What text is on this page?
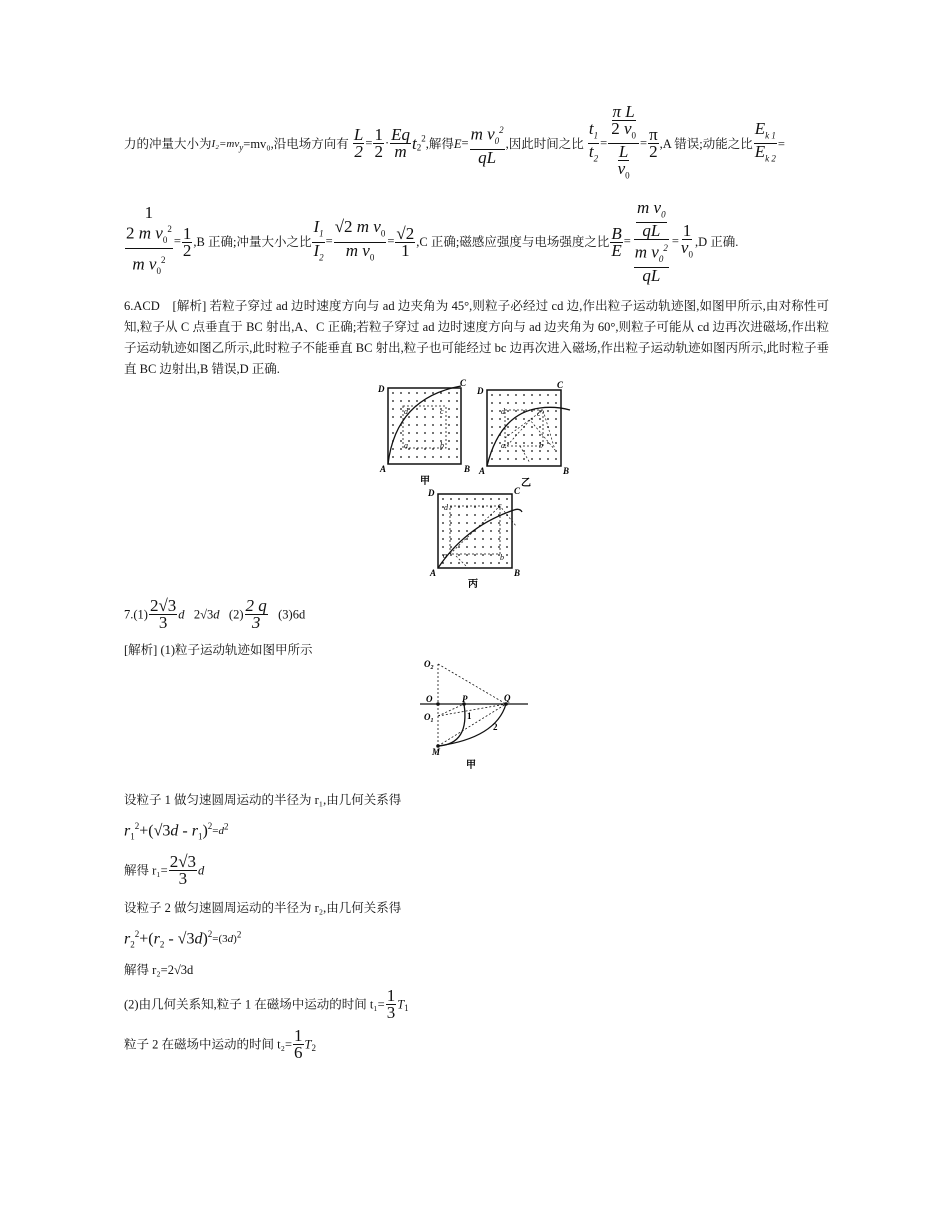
力的冲量大小为$I_2=mv_y=mv_0$,沿电场方向有 $\frac{L}{2} = \frac{1}{2} \cdot \frac{Eq}{m} t_2^2$,解得$E= \frac{m v_0^2}{qL}$ ,因此时间之比 $\frac{t_1}{t_2} = \frac{\frac{\text{π L}}{2 v_0}}{\frac{L}{v_0}} = \frac{\pi}{2} ,A$ 错误;动能之比 $\frac{E_{k 1}}{E_{k 2}}$ =
1
2 m $v_0^2$
m $v_0^2$
= $\frac{1}{2} ,B$ 正确;冲量大小之比 $\frac{I_1}{I_2} = \frac{√2 m v_0}{m v_0} = \frac{√2}{1} ,C$ 正确;磁感应强度与电场强度之比 $\frac{B}{E} = \frac{\frac{m v_0}{qL}}{\frac{m v_0^2}{qL}} = \frac{1}{v_0} ,D$ 正确.
6.ACD　[解析] 若粒子穿过 ad 边时速度方向与 ad 边夹角为 45°,则粒子必经过 cd 边,作出粒子运动轨迹图,如图甲所示,由对称性可知,粒子从 C 点垂直于 BC 射出,A、C 正确;若粒子穿过 ad 边时速度方向与 ad 边夹角为 60°,则粒子可能从 cd 边再次进磁场,作出粒子运动轨迹如图乙所示,此时粒子不能垂直 BC 射出,粒子也可能经过 bc 边再次进入磁场,作出粒子运动轨迹如图丙所示,此时粒子垂直 BC 边射出,B 错误,D 正确.
D
C
A	B
d	c
a	b
甲
D
C
A	B
d	c
a	b
乙
D	C
A	B
d	c
a	b
丙
$7.(1) \frac{2√3}{3}$ d 2√3d $(2) \frac{2 q}{3} (3)6d$
[解析] (1)粒子运动轨迹如图甲所示
$O_2$
O
$O_1$
P	Q
M
1
2
甲
设粒子 1 做匀速圆周运动的半径为 r₁,由几何关系得
$r_1^2+(√3d - r_1)^{2=d^2}$
解得 $r_1= \frac{2√3}{3}$ d
设粒子 2 做匀速圆周运动的半径为 r₂,由几何关系得
$r_2^2+(r_2 - √3d)^{2=(3d)^2}$
解得 r₂=2√3d
(2)由几何关系知,粒子 1 在磁场中运动的时间 $t_1= \frac{1}{3} T_1$
粒子 2 在磁场中运动的时间 $t_2= \frac{1}{6} T_2$
